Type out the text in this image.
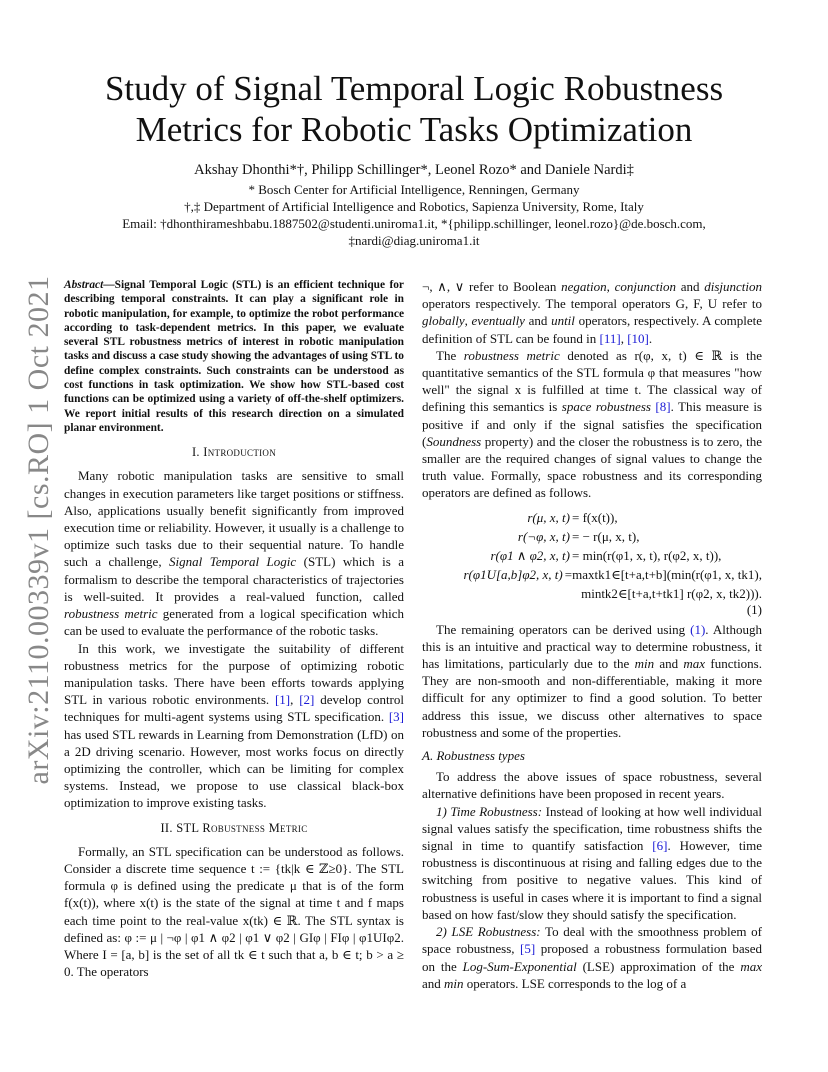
arXiv:2110.00339v1 [cs.RO] 1 Oct 2021
Study of Signal Temporal Logic Robustness Metrics for Robotic Tasks Optimization
Akshay Dhonthi*†, Philipp Schillinger*, Leonel Rozo* and Daniele Nardi‡
* Bosch Center for Artificial Intelligence, Renningen, Germany
†,‡ Department of Artificial Intelligence and Robotics, Sapienza University, Rome, Italy
Email: †dhonthirameshbabu.1887502@studenti.uniroma1.it, *{philipp.schillinger, leonel.rozo}@de.bosch.com,
‡nardi@diag.uniroma1.it

Abstract—Signal Temporal Logic (STL) is an efficient technique for describing temporal constraints. It can play a significant role in robotic manipulation, for example, to optimize the robot performance according to task-dependent metrics. In this paper, we evaluate several STL robustness metrics of interest in robotic manipulation tasks and discuss a case study showing the advantages of using STL to define complex constraints. Such constraints can be understood as cost functions in task optimization. We show how STL-based cost functions can be optimized using a variety of off-the-shelf optimizers. We report initial results of this research direction on a simulated planar environment.

I. Introduction

Many robotic manipulation tasks are sensitive to small changes in execution parameters like target positions or stiffness. Also, applications usually benefit significantly from improved execution time or reliability. However, it usually is a challenge to optimize such tasks due to their sequential nature. To handle such a challenge, Signal Temporal Logic (STL) which is a formalism to describe the temporal characteristics of trajectories is well-suited. It provides a real-valued function, called robustness metric generated from a logical specification which can be used to evaluate the performance of the robotic tasks.

In this work, we investigate the suitability of different robustness metrics for the purpose of optimizing robotic manipulation tasks. There have been efforts towards applying STL in various robotic environments. [1], [2] develop control techniques for multi-agent systems using STL specification. [3] has used STL rewards in Learning from Demonstration (LfD) on a 2D driving scenario. However, most works focus on directly optimizing the controller, which can be limiting for complex systems. Instead, we propose to use classical black-box optimization to improve existing tasks.

II. STL Robustness Metric

Formally, an STL specification can be understood as follows. Consider a discrete time sequence t := {tk|k ∈ ℤ≥0}. The STL formula φ is defined using the predicate μ that is of the form f(x(t)), where x(t) is the state of the signal at time t and f maps each time point to the real-value x(tk) ∈ ℝ. The STL syntax is defined as: φ := μ | ¬φ | φ1 ∧ φ2 | φ1 ∨ φ2 | GIφ | FIφ | φ1UIφ2. Where I = [a, b] is the set of all tk ∈ t such that a, b ∈ t; b > a ≥ 0. The operators

¬, ∧, ∨ refer to Boolean negation, conjunction and disjunction operators respectively. The temporal operators G, F, U refer to globally, eventually and until operators, respectively. A complete definition of STL can be found in [11], [10].

The robustness metric denoted as r(φ, x, t) ∈ ℝ is the quantitative semantics of the STL formula φ that measures "how well" the signal x is fulfilled at time t. The classical way of defining this semantics is space robustness [8]. This measure is positive if and only if the signal satisfies the specification (Soundness property) and the closer the robustness is to zero, the smaller are the required changes of signal values to change the truth value. Formally, space robustness and its corresponding operators are defined as follows.

r(μ, x, t) = f(x(t)),
r(¬φ, x, t) = − r(μ, x, t),
r(φ1 ∧ φ2, x, t) = min(r(φ1, x, t), r(φ2, x, t)),
r(φ1U[a,b]φ2, x, t) =maxtk1∈[t+a,t+b](min(r(φ1, x, tk1),
mintk2∈[t+a,t+tk1] r(φ2, x, tk2))).
(1)

The remaining operators can be derived using (1). Although this is an intuitive and practical way to determine robustness, it has limitations, particularly due to the min and max functions. They are non-smooth and non-differentiable, making it more difficult for any optimizer to find a good solution. To better address this issue, we discuss other alternatives to space robustness and some of the properties.

A. Robustness types

To address the above issues of space robustness, several alternative definitions have been proposed in recent years.

1) Time Robustness: Instead of looking at how well individual signal values satisfy the specification, time robustness shifts the signal in time to quantify satisfaction [6]. However, time robustness is discontinuous at rising and falling edges due to the switching from positive to negative values. This kind of robustness is useful in cases where it is important to find a signal based on how fast/slow they should satisfy the specification.

2) LSE Robustness: To deal with the smoothness problem of space robustness, [5] proposed a robustness formulation based on the Log-Sum-Exponential (LSE) approximation of the max and min operators. LSE corresponds to the log of a
